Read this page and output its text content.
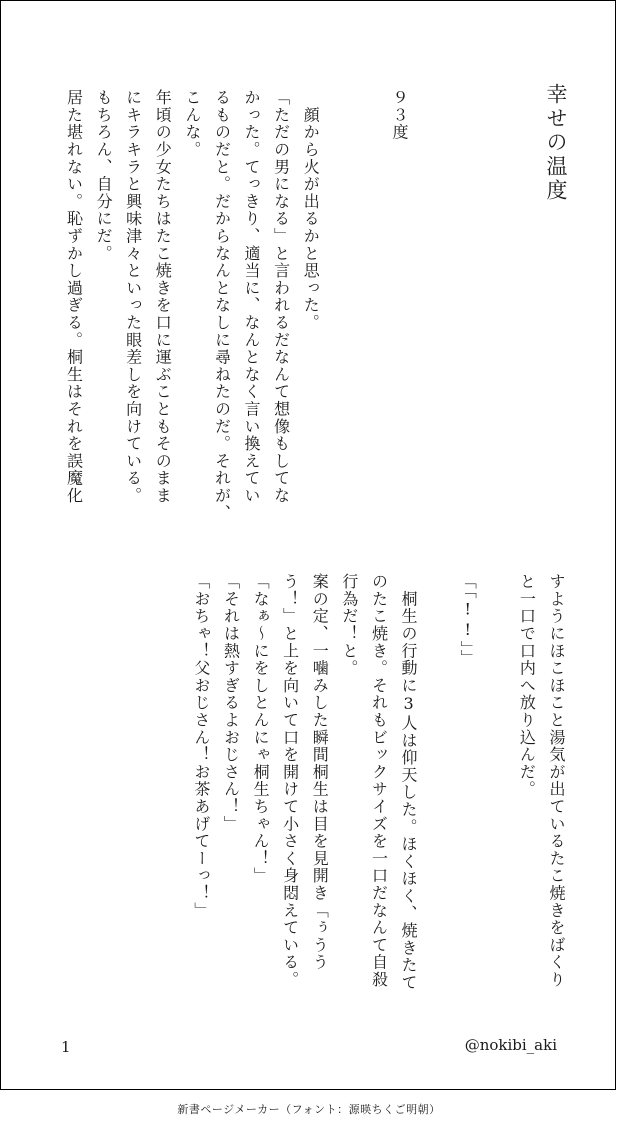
幸せの温度
９３度

　顔から火が出るかと思った。
「ただの男になる」と言われるだなんて想像もしてな
かった。てっきり、適当に、なんとなく言い換えてい
るものだと。だからなんとなしに尋ねたのだ。それが、
こんな。
年頃の少女たちはたこ焼きを口に運ぶこともそのまま
にキラキラと興味津々といった眼差しを向けている。
もちろん、自分にだ。
居た堪れない。恥ずかし過ぎる。桐生はそれを誤魔化
すようにほこほこと湯気が出ているたこ焼きをばくり
と一口で口内へ放り込んだ。

「「!!」」

　桐生の行動に3人は仰天した。ほくほく、焼きたて
のたこ焼き。それもビックサイズを一口だなんて自殺
行為だ！と。
案の定、一噛みした瞬間桐生は目を見開き「ぅうう
う！」と上を向いて口を開けて小さく身悶えている。
「なぁ〜にをしとんにゃ桐生ちゃん！」
「それは熱すぎるよおじさん！」
「おちゃ！父おじさん！お茶あげてーっ！」
1	@nokibi_aki
新書ページメーカー（フォント：源暎ちくご明朝）
